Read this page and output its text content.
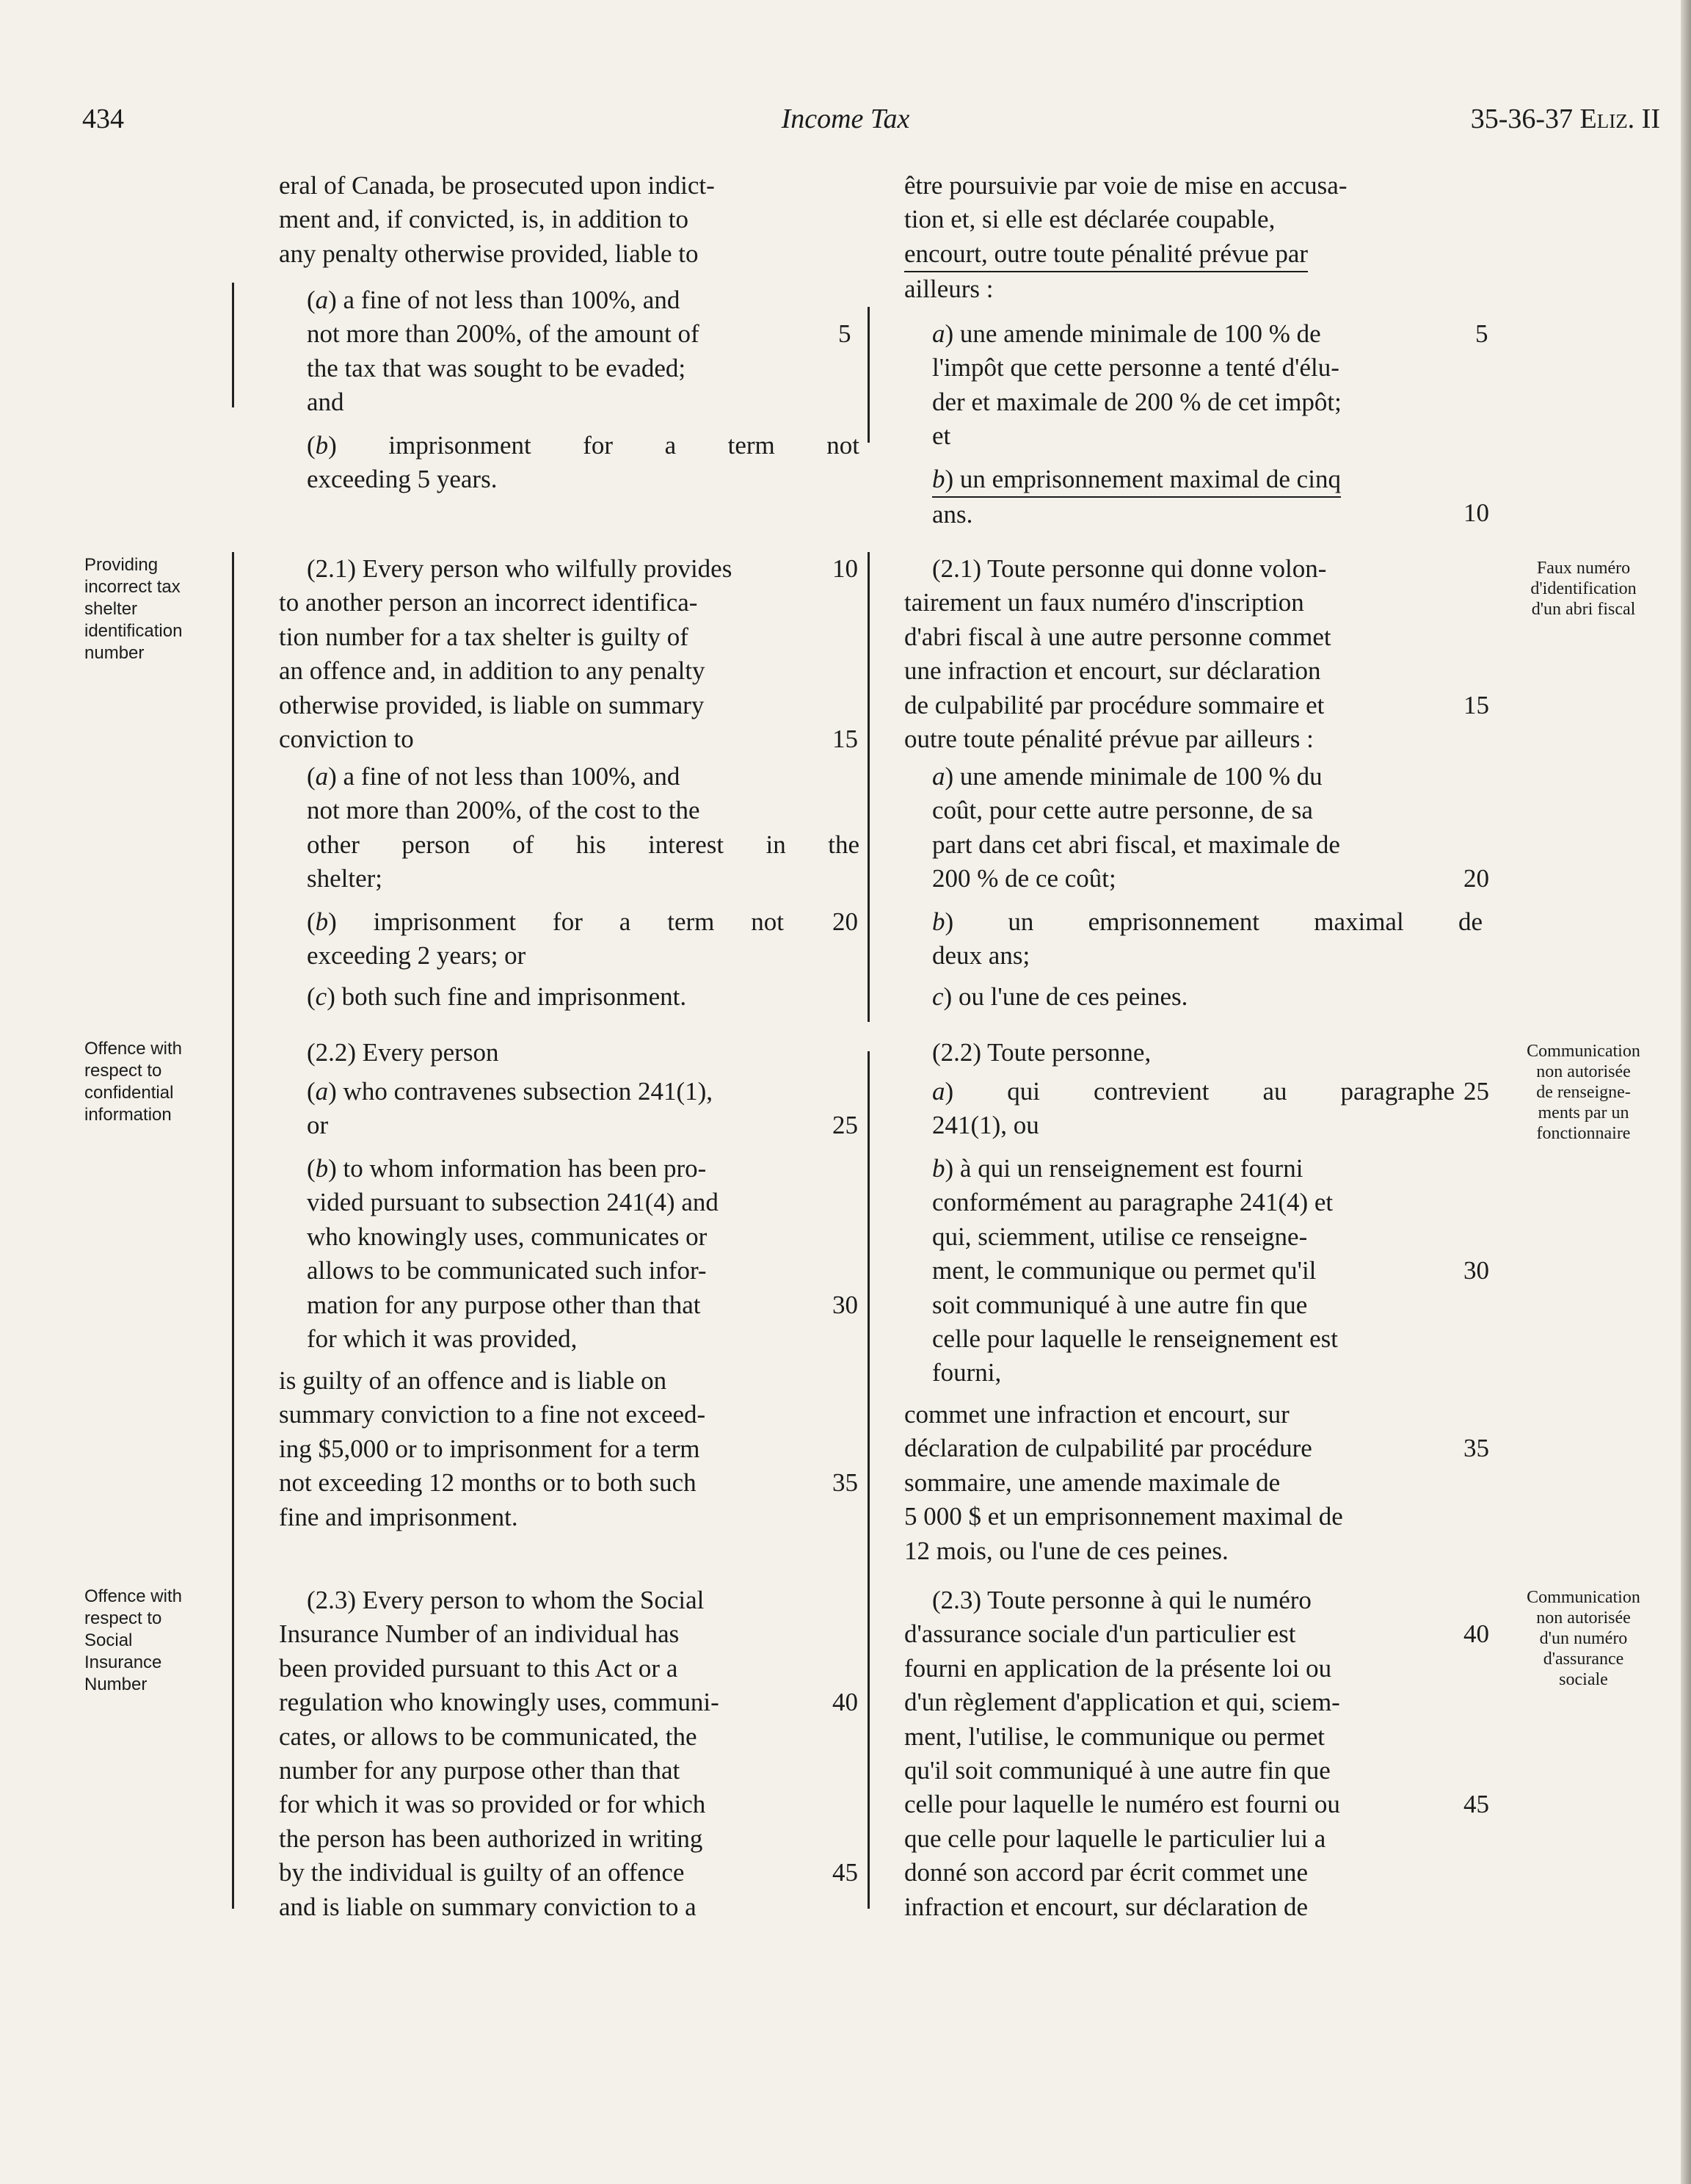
434	Income Tax	35-36-37 Eliz. II

eral of Canada, be prosecuted upon indict-

ment and, if convicted, is, in addition to

any penalty otherwise provided, liable to

(a) a fine of not less than 100%, and

not more than 200%, of the amount of

the tax that was sought to be evaded;

and

(b) imprisonment for a term not

exceeding 5 years.

(2.1) Every person who wilfully provides

to another person an incorrect identifica-

tion number for a tax shelter is guilty of

an offence and, in addition to any penalty

otherwise provided, is liable on summary

conviction to

(a) a fine of not less than 100%, and

not more than 200%, of the cost to the

other person of his interest in the

shelter;

(b) imprisonment for a term not

exceeding 2 years; or

(c) both such fine and imprisonment.

(2.2) Every person

(a) who contravenes subsection 241(1),

or

(b) to whom information has been pro-

vided pursuant to subsection 241(4) and

who knowingly uses, communicates or

allows to be communicated such infor-

mation for any purpose other than that

for which it was provided,

is guilty of an offence and is liable on

summary conviction to a fine not exceed-

ing $5,000 or to imprisonment for a term

not exceeding 12 months or to both such

fine and imprisonment.

(2.3) Every person to whom the Social

Insurance Number of an individual has

been provided pursuant to this Act or a

regulation who knowingly uses, communi-

cates, or allows to be communicated, the

number for any purpose other than that

for which it was so provided or for which

the person has been authorized in writing

by the individual is guilty of an offence

and is liable on summary conviction to a

5
10
15
20
25
30
35
40
45

être poursuivie par voie de mise en accusa-

tion et, si elle est déclarée coupable,

encourt, outre toute pénalité prévue par

ailleurs :

a) une amende minimale de 100 % de

l'impôt que cette personne a tenté d'élu-

der et maximale de 200 % de cet impôt;

et

b) un emprisonnement maximal de cinq

ans.

(2.1) Toute personne qui donne volon-

tairement un faux numéro d'inscription

d'abri fiscal à une autre personne commet

une infraction et encourt, sur déclaration

de culpabilité par procédure sommaire et

outre toute pénalité prévue par ailleurs :

a) une amende minimale de 100 % du

coût, pour cette autre personne, de sa

part dans cet abri fiscal, et maximale de

200 % de ce coût;

b) un emprisonnement maximal de

deux ans;

c) ou l'une de ces peines.

(2.2) Toute personne,

a) qui contrevient au paragraphe

241(1), ou

b) à qui un renseignement est fourni

conformément au paragraphe 241(4) et

qui, sciemment, utilise ce renseigne-

ment, le communique ou permet qu'il

soit communiqué à une autre fin que

celle pour laquelle le renseignement est

fourni,

commet une infraction et encourt, sur

déclaration de culpabilité par procédure

sommaire, une amende maximale de

5 000 $ et un emprisonnement maximal de

12 mois, ou l'une de ces peines.

(2.3) Toute personne à qui le numéro

d'assurance sociale d'un particulier est

fourni en application de la présente loi ou

d'un règlement d'application et qui, sciem-

ment, l'utilise, le communique ou permet

qu'il soit communiqué à une autre fin que

celle pour laquelle le numéro est fourni ou

que celle pour laquelle le particulier lui a

donné son accord par écrit commet une

infraction et encourt, sur déclaration de

5
10
15
20
25
30
35
40
45
Providing
incorrect tax
shelter
identification
number
Offence with
respect to
confidential
information
Offence with
respect to
Social
Insurance
Number
Faux numéro
d'identification
d'un abri fiscal
Communication
non autorisée
de renseigne-
ments par un
fonctionnaire
Communication
non autorisée
d'un numéro
d'assurance
sociale
